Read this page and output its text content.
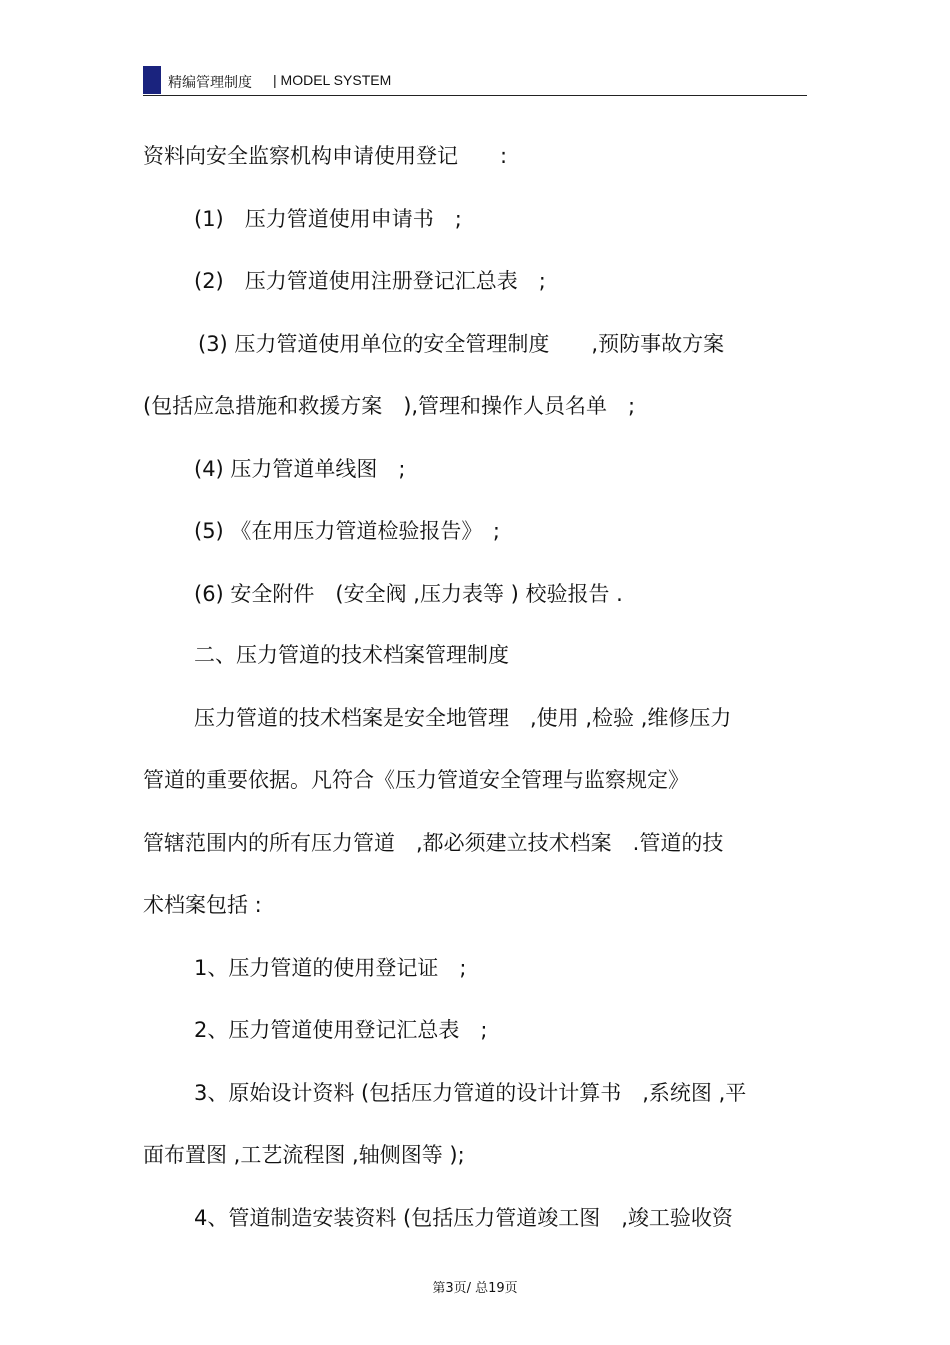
精编管理制度 | MODEL SYSTEM
资料向安全监察机构申请使用登记　　:
(1)　压力管道使用申请书　;
(2)　压力管道使用注册登记汇总表　;
(3) 压力管道使用单位的安全管理制度　　,预防事故方案
(包括应急措施和救援方案　),管理和操作人员名单　;
(4) 压力管道单线图　;
(5) 《在用压力管道检验报告》　;
(6) 安全附件　(安全阀 ,压力表等 ) 校验报告 .
二、压力管道的技术档案管理制度
压力管道的技术档案是安全地管理　,使用 ,检验 ,维修压力
管道的重要依据。凡符合《压力管道安全管理与监察规定》
管辖范围内的所有压力管道　,都必须建立技术档案　.管道的技
术档案包括 :
1、压力管道的使用登记证　;
2、压力管道使用登记汇总表　;
3、原始设计资料 (包括压力管道的设计计算书　,系统图 ,平
面布置图 ,工艺流程图 ,轴侧图等 );
4、管道制造安装资料 (包括压力管道竣工图　,竣工验收资
第3页/ 总19页
